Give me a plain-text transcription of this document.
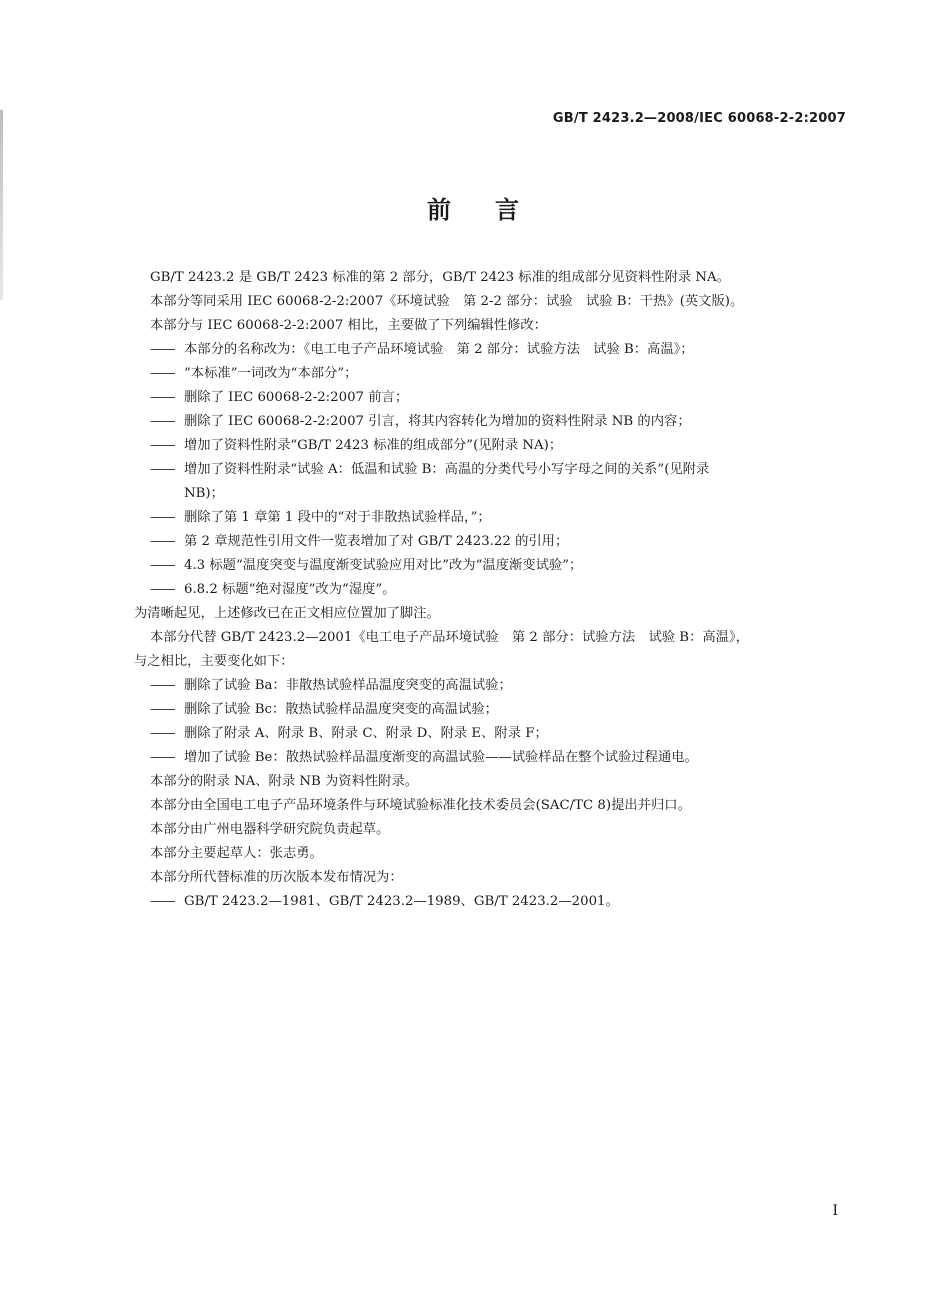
GB/T 2423.2—2008/IEC 60068-2-2:2007
前言
GB/T 2423.2 是 GB/T 2423 标准的第 2 部分，GB/T 2423 标准的组成部分见资料性附录 NA。
本部分等同采用 IEC 60068-2-2:2007《环境试验　第 2-2 部分：试验　试验 B：干热》(英文版)。
本部分与 IEC 60068-2-2:2007 相比，主要做了下列编辑性修改：
—— 本部分的名称改为：《电工电子产品环境试验　第 2 部分：试验方法　试验 B：高温》；
—— “本标准”一词改为“本部分”；
—— 删除了 IEC 60068-2-2:2007 前言；
—— 删除了 IEC 60068-2-2:2007 引言，将其内容转化为增加的资料性附录 NB 的内容；
—— 增加了资料性附录“GB/T 2423 标准的组成部分”(见附录 NA)；
—— 增加了资料性附录“试验 A：低温和试验 B：高温的分类代号小写字母之间的关系”(见附录
NB)；
—— 删除了第 1 章第 1 段中的“对于非散热试验样品，”；
—— 第 2 章规范性引用文件一览表增加了对 GB/T 2423.22 的引用；
—— 4.3 标题“温度突变与温度渐变试验应用对比”改为“温度渐变试验”；
—— 6.8.2 标题“绝对湿度”改为“湿度”。
为清晰起见，上述修改已在正文相应位置加了脚注。
本部分代替 GB/T 2423.2—2001《电工电子产品环境试验　第 2 部分：试验方法　试验 B：高温》，
与之相比，主要变化如下：
—— 删除了试验 Ba：非散热试验样品温度突变的高温试验；
—— 删除了试验 Bc：散热试验样品温度突变的高温试验；
—— 删除了附录 A、附录 B、附录 C、附录 D、附录 E、附录 F；
—— 增加了试验 Be：散热试验样品温度渐变的高温试验——试验样品在整个试验过程通电。
本部分的附录 NA、附录 NB 为资料性附录。
本部分由全国电工电子产品环境条件与环境试验标准化技术委员会(SAC/TC 8)提出并归口。
本部分由广州电器科学研究院负责起草。
本部分主要起草人：张志勇。
本部分所代替标准的历次版本发布情况为：
—— GB/T 2423.2—1981、GB/T 2423.2—1989、GB/T 2423.2—2001。
I
